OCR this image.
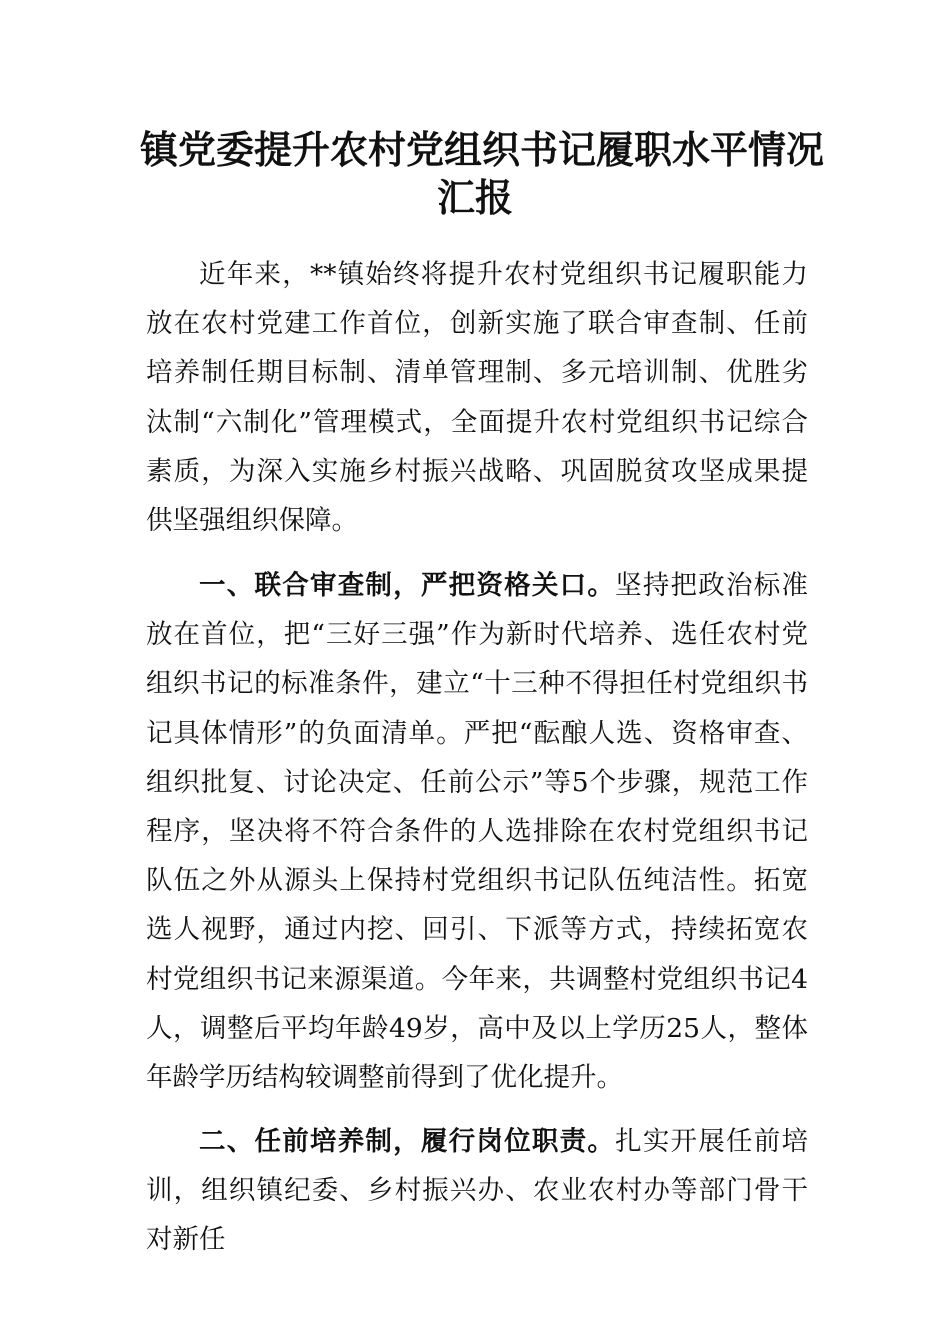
镇党委提升农村党组织书记履职水平情况
汇报

近年来，**镇始终将提升农村党组织书记履职能力放在农村党建工作首位，创新实施了联合审查制、任前培养制任期目标制、清单管理制、多元培训制、优胜劣汰制“六制化”管理模式，全面提升农村党组织书记综合素质，为深入实施乡村振兴战略、巩固脱贫攻坚成果提供坚强组织保障。

一、联合审查制，严把资格关口。坚持把政治标准放在首位，把“三好三强”作为新时代培养、选任农村党组织书记的标准条件，建立“十三种不得担任村党组织书记具体情形”的负面清单。严把“酝酿人选、资格审查、组织批复、讨论决定、任前公示”等5个步骤，规范工作程序，坚决将不符合条件的人选排除在农村党组织书记队伍之外从源头上保持村党组织书记队伍纯洁性。拓宽选人视野，通过内挖、回引、下派等方式，持续拓宽农村党组织书记来源渠道。今年来，共调整村党组织书记4人，调整后平均年龄49岁，高中及以上学历25人，整体年龄学历结构较调整前得到了优化提升。

二、任前培养制，履行岗位职责。扎实开展任前培训，组织镇纪委、乡村振兴办、农业农村办等部门骨干对新任
